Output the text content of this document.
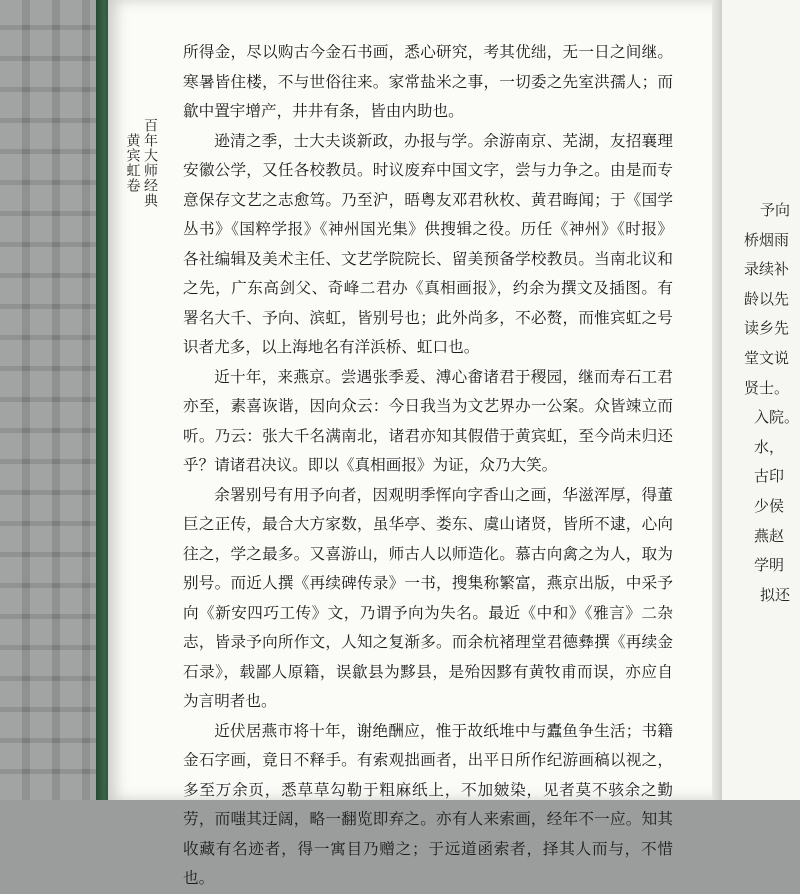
百年大师经典
黄宾虹卷

所得金，尽以购古今金石书画，悉心研究，考其优绌，无一日之间继。寒暑皆住楼，不与世俗往来。家常盐米之事，一切委之先室洪孺人；而歙中置宇增产，井井有条，皆由内助也。

逊清之季，士大夫谈新政，办报与学。余游南京、芜湖，友招襄理安徽公学，又任各校教员。时议废弃中国文字，尝与力争之。由是而专意保存文艺之志愈笃。乃至沪，晤粤友邓君秋枚、黄君晦闻；于《国学丛书》《国粹学报》《神州国光集》供搜辑之役。历任《神州》《时报》各社编辑及美术主任、文艺学院院长、留美预备学校教员。当南北议和之先，广东高剑父、奇峰二君办《真相画报》，约余为撰文及插图。有署名大千、予向、滨虹，皆别号也；此外尚多，不必赘，而惟宾虹之号识者尤多，以上海地名有洋浜桥、虹口也。

近十年，来燕京。尝遇张季爰、溥心畬诸君于稷园，继而寿石工君亦至，素喜诙谐，因向众云：今日我当为文艺界办一公案。众皆竦立而听。乃云：张大千名满南北，诸君亦知其假借于黄宾虹，至今尚未归还乎？请诸君决议。即以《真相画报》为证，众乃大笑。

余署别号有用予向者，因观明季恽向字香山之画，华滋浑厚，得董巨之正传，最合大方家数，虽华亭、娄东、虞山诸贤，皆所不逮，心向往之，学之最多。又喜游山，师古人以师造化。慕古向禽之为人，取为别号。而近人撰《再续碑传录》一书，搜集称繁富，燕京出版，中采予向《新安四巧工传》文，乃谓予向为失名。最近《中和》《雅言》二杂志，皆录予向所作文，人知之复渐多。而余杭褚理堂君德彝撰《再续金石录》，载鄙人原籍，误歙县为黟县，是殆因黟有黄牧甫而误，亦应自为言明者也。

近伏居燕市将十年，谢绝酬应，惟于故纸堆中与蠹鱼争生活；书籍金石字画，竟日不释手。有索观拙画者，出平日所作纪游画稿以视之，多至万余页，悉草草勾勒于粗麻纸上，不加皴染，见者莫不骇余之勤劳，而嗤其迂阔，略一翻览即弃之。亦有人来索画，经年不一应。知其收藏有名迹者，得一寓目乃赠之；于远道函索者，择其人而与，不惜也。

予向
桥烟雨
录续补
龄以先
读乡先
堂文说
贤士。
入院。
水，
古印
少侯
燕赵
学明
拟还
